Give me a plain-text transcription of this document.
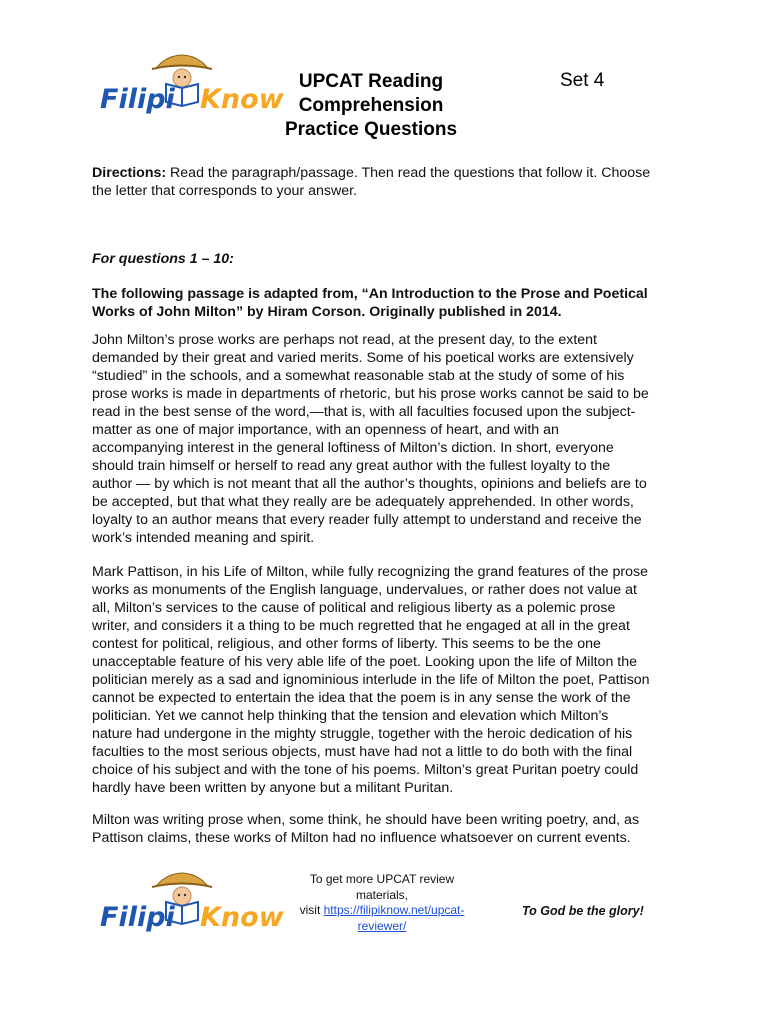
Filipi Know
UPCAT Reading
Comprehension
Practice Questions
Set 4
Directions: Read the paragraph/passage. Then read the questions that follow it. Choose the letter that corresponds to your answer.
For questions 1 – 10:
The following passage is adapted from, “An Introduction to the Prose and Poetical Works of John Milton” by Hiram Corson. Originally published in 2014.
John Milton’s prose works are perhaps not read, at the present day, to the extent demanded by their great and varied merits. Some of his poetical works are extensively “studied” in the schools, and a somewhat reasonable stab at the study of some of his prose works is made in departments of rhetoric, but his prose works cannot be said to be read in the best sense of the word,—that is, with all faculties focused upon the subject-matter as one of major importance, with an openness of heart, and with an accompanying interest in the general loftiness of Milton’s diction. In short, everyone should train himself or herself to read any great author with the fullest loyalty to the author — by which is not meant that all the author’s thoughts, opinions and beliefs are to be accepted, but that what they really are be adequately apprehended. In other words, loyalty to an author means that every reader fully attempt to understand and receive the work’s intended meaning and spirit.
Mark Pattison, in his Life of Milton, while fully recognizing the grand features of the prose works as monuments of the English language, undervalues, or rather does not value at all, Milton’s services to the cause of political and religious liberty as a polemic prose writer, and considers it a thing to be much regretted that he engaged at all in the great contest for political, religious, and other forms of liberty. This seems to be the one unacceptable feature of his very able life of the poet. Looking upon the life of Milton the politician merely as a sad and ignominious interlude in the life of Milton the poet, Pattison cannot be expected to entertain the idea that the poem is in any sense the work of the politician. Yet we cannot help thinking that the tension and elevation which Milton’s nature had undergone in the mighty struggle, together with the heroic dedication of his faculties to the most serious objects, must have had not a little to do both with the final choice of his subject and with the tone of his poems. Milton’s great Puritan poetry could hardly have been written by anyone but a militant Puritan.
Milton was writing prose when, some think, he should have been writing poetry, and, as Pattison claims, these works of Milton had no influence whatsoever on current events.
Filipi Know
To get more UPCAT review
materials,
visit https://filipiknow.net/upcat-reviewer/
To God be the glory!
